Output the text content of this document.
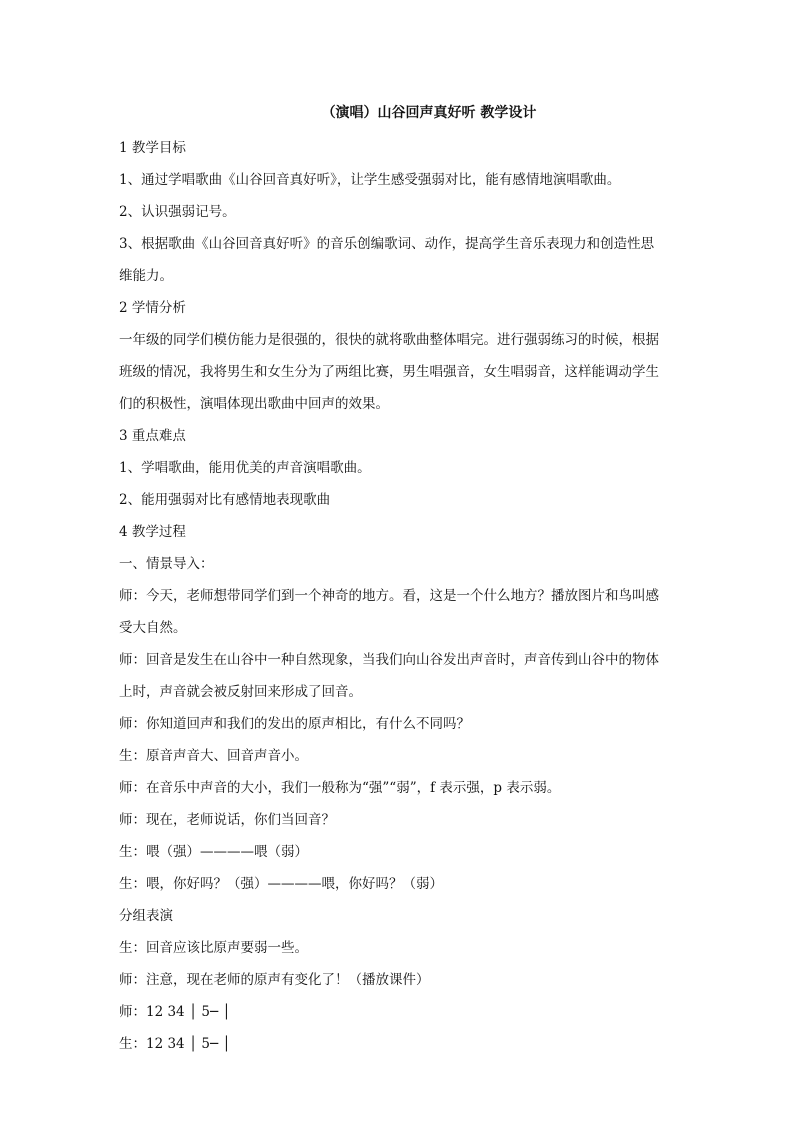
（演唱）山谷回声真好听 教学设计
1 教学目标
1、通过学唱歌曲《山谷回音真好听》，让学生感受强弱对比，能有感情地演唱歌曲。
2、认识强弱记号。
3、根据歌曲《山谷回音真好听》的音乐创编歌词、动作，提高学生音乐表现力和创造性思
维能力。
2 学情分析
一年级的同学们模仿能力是很强的，很快的就将歌曲整体唱完。进行强弱练习的时候，根据
班级的情况，我将男生和女生分为了两组比赛，男生唱强音，女生唱弱音，这样能调动学生
们的积极性，演唱体现出歌曲中回声的效果。
3 重点难点
1、学唱歌曲，能用优美的声音演唱歌曲。
2、能用强弱对比有感情地表现歌曲
4 教学过程
一、情景导入：
师：今天，老师想带同学们到一个神奇的地方。看，这是一个什么地方？播放图片和鸟叫感
受大自然。
师：回音是发生在山谷中一种自然现象，当我们向山谷发出声音时，声音传到山谷中的物体
上时，声音就会被反射回来形成了回音。
师：你知道回声和我们的发出的原声相比，有什么不同吗？
生：原音声音大、回音声音小。
师：在音乐中声音的大小，我们一般称为“强”“弱”，f 表示强，p 表示弱。
师：现在，老师说话，你们当回音？
生：喂（强）————喂（弱）
生：喂，你好吗？（强）————喂，你好吗？（弱）
分组表演
生：回音应该比原声要弱一些。
师：注意，现在老师的原声有变化了！（播放课件）
师：12 34 │ 5─ │
生：12 34 │ 5─ │
